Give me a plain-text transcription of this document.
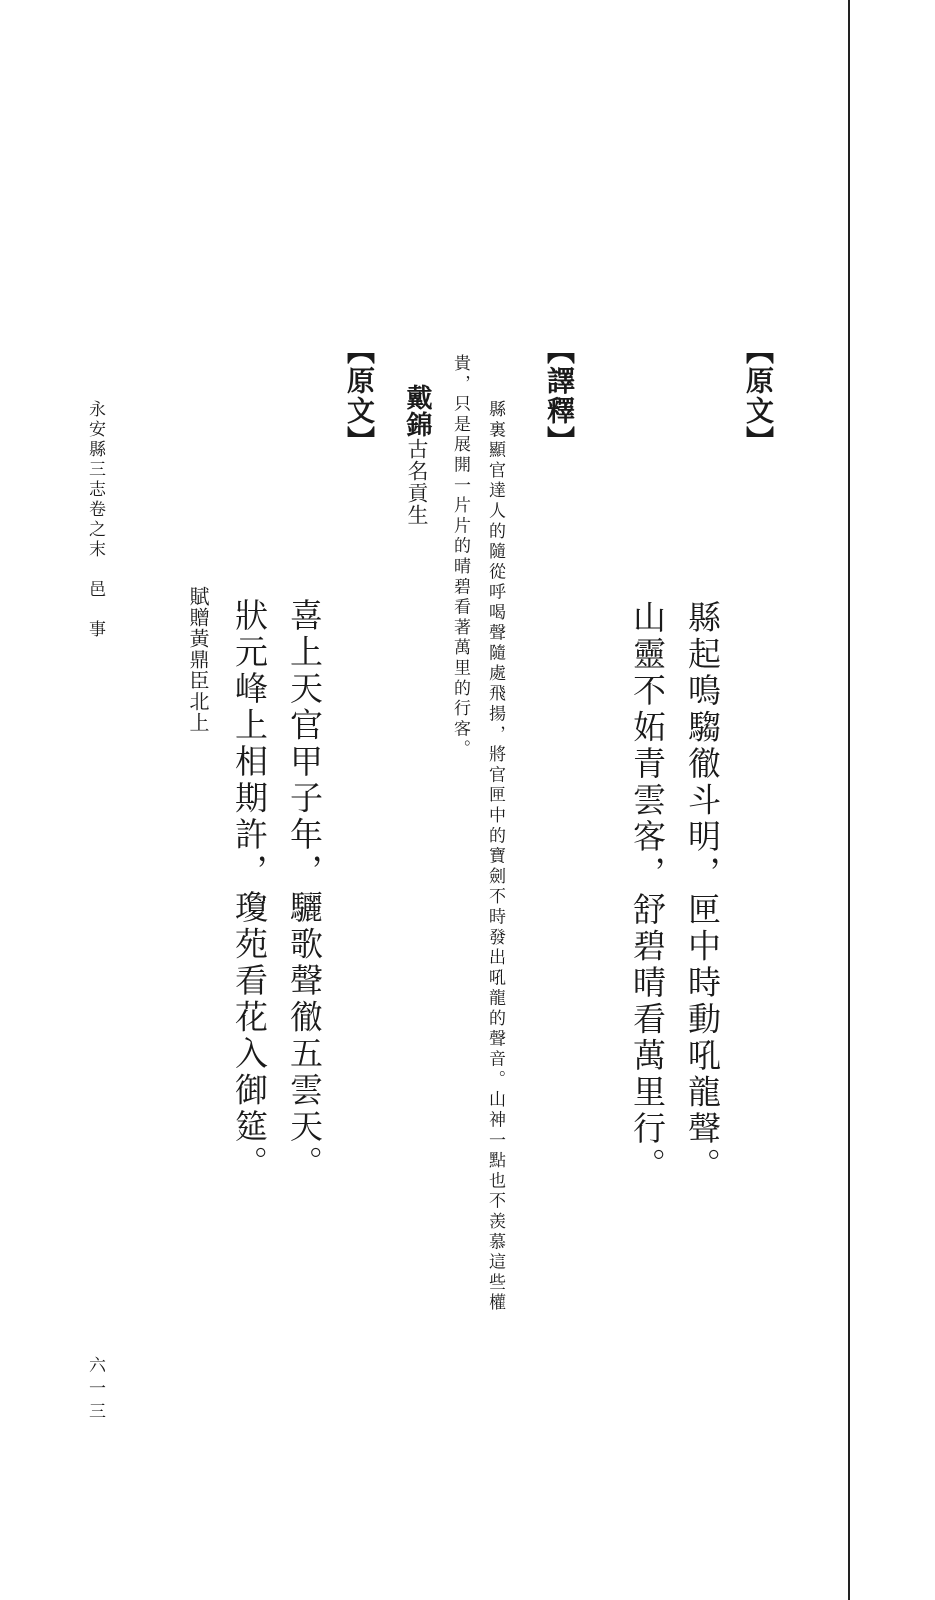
【原文】
縣起鳴騶徹斗明，匣中時動吼龍聲。
山靈不妬青雲客，舒碧晴看萬里行。
【譯釋】
縣裏顯官達人的隨從呼喝聲隨處飛揚，將官匣中的寶劍不時發出吼龍的聲音。山神一點也不羡慕這些權
貴，只是展開一片片的晴碧看著萬里的行客。
戴錦古名貢生
【原文】
喜上天官甲子年，驪歌聲徹五雲天。
狀元峰上相期許，瓊苑看花入御筵。
賦贈黃鼎臣北上
永安縣三志卷之末邑　事
六一三
